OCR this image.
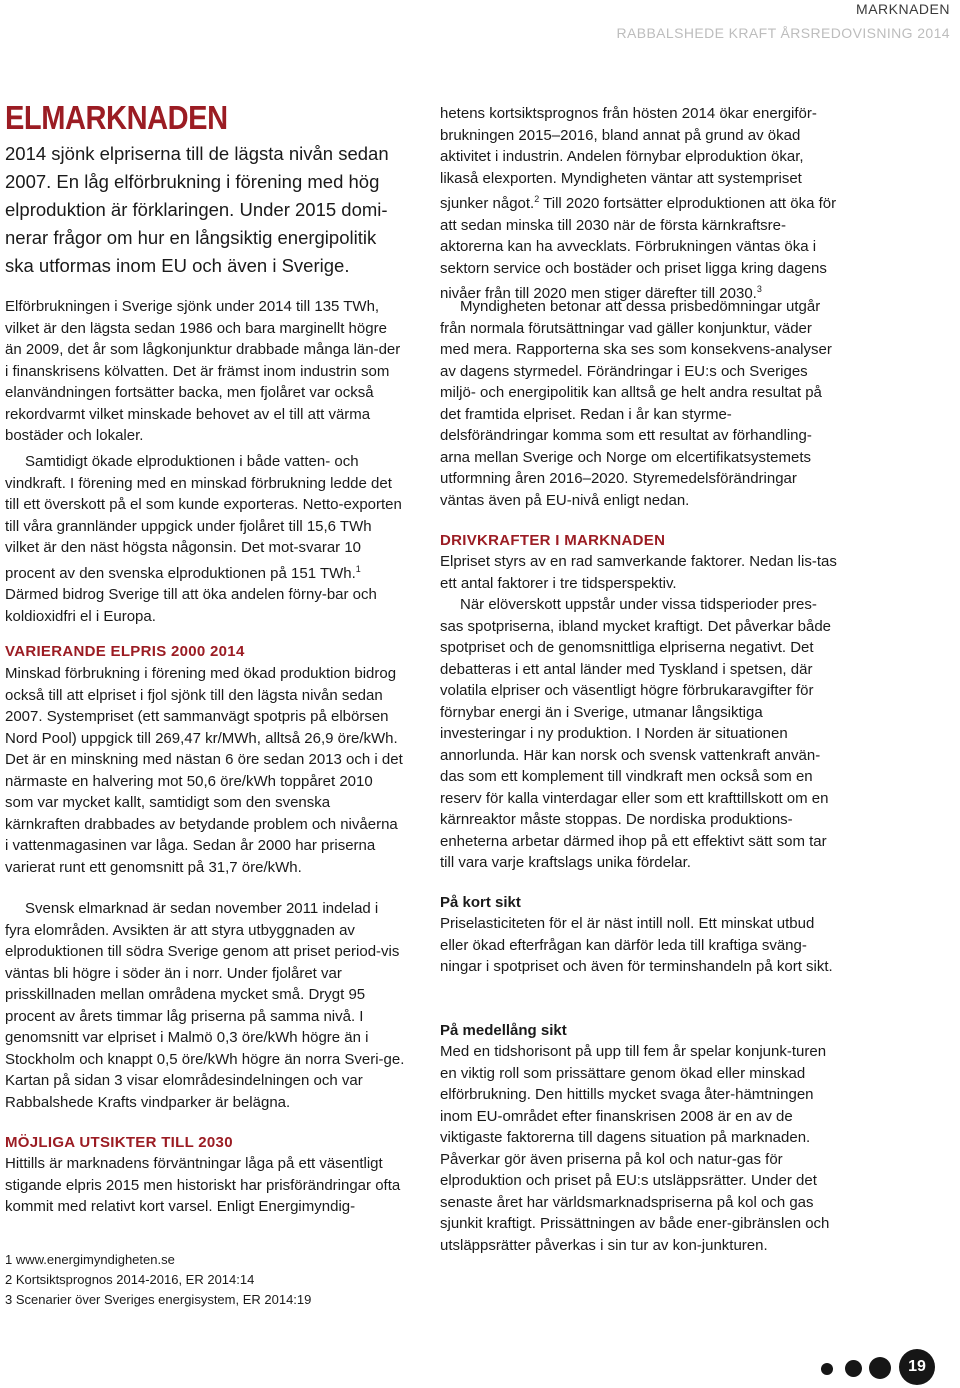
MARKNADEN
RABBALSHEDE KRAFT ÅRSREDOVISNING 2014
ELMARKNADEN

2014 sjönk elpriserna till de lägsta nivån sedan 2007. En låg elförbrukning i förening med hög elproduktion är förklaringen. Under 2015 domi-nerar frågor om hur en långsiktig energipolitik ska utformas inom EU och även i Sverige.

Elförbrukningen i Sverige sjönk under 2014 till 135 TWh, vilket är den lägsta sedan 1986 och bara marginellt högre än 2009, det år som lågkonjunktur drabbade många län-der i finanskrisens kölvatten. Det är främst inom industrin som elanvändningen fortsätter backa, men fjolåret var också rekordvarmt vilket minskade behovet av el till att värma bostäder och lokaler.

Samtidigt ökade elproduktionen i både vatten- och vindkraft. I förening med en minskad förbrukning ledde det till ett överskott på el som kunde exporteras. Netto-exporten till våra grannländer uppgick under fjolåret till 15,6 TWh vilket är den näst högsta någonsin. Det mot-svarar 10 procent av den svenska elproduktionen på 151 TWh.$^1$ Därmed bidrog Sverige till att öka andelen förny-bar och koldioxidfri el i Europa.

VARIERANDE ELPRIS 2000 2014

Minskad förbrukning i förening med ökad produktion bidrog också till att elpriset i fjol sjönk till den lägsta nivån sedan 2007. Systempriset (ett sammanvägt spotpris på elbörsen Nord Pool) uppgick till 269,47 kr/MWh, alltså 26,9 öre/kWh. Det är en minskning med nästan 6 öre sedan 2013 och i det närmaste en halvering mot 50,6 öre/kWh toppåret 2010 som var mycket kallt, samtidigt som den svenska kärnkraften drabbades av betydande problem och nivåerna i vattenmagasinen var låga. Sedan år 2000 har priserna varierat runt ett genomsnitt på 31,7 öre/kWh.

Svensk elmarknad är sedan november 2011 indelad i fyra elområden. Avsikten är att styra utbyggnaden av elproduktionen till södra Sverige genom att priset period-vis väntas bli högre i söder än i norr. Under fjolåret var prisskillnaden mellan områdena mycket små. Drygt 95 procent av årets timmar låg priserna på samma nivå. I genomsnitt var elpriset i Malmö 0,3 öre/kWh högre än i Stockholm och knappt 0,5 öre/kWh högre än norra Sveri-ge. Kartan på sidan 3 visar elområdesindelningen och var Rabbalshede Krafts vindparker är belägna.

MÖJLIGA UTSIKTER TILL 2030

Hittills är marknadens förväntningar låga på ett väsentligt stigande elpris 2015 men historiskt har prisförändringar ofta kommit med relativt kort varsel. Enligt Energimyndig-

1 www.energimyndigheten.se

2 Kortsiktsprognos 2014-2016, ER 2014:14

3 Scenarier över Sveriges energisystem, ER 2014:19

hetens kortsiktsprognos från hösten 2014 ökar energiför-brukningen 2015–2016, bland annat på grund av ökad aktivitet i industrin. Andelen förnybar elproduktion ökar, likaså elexporten. Myndigheten väntar att systempriset sjunker något.$^2$ Till 2020 fortsätter elproduktionen att öka för att sedan minska till 2030 när de första kärnkraftsre-aktorerna kan ha avvecklats. Förbrukningen väntas öka i sektorn service och bostäder och priset ligga kring dagens nivåer från till 2020 men stiger därefter till 2030.$^3$

Myndigheten betonar att dessa prisbedömningar utgår från normala förutsättningar vad gäller konjunktur, väder med mera. Rapporterna ska ses som konsekvens-analyser av dagens styrmedel. Förändringar i EU:s och Sveriges miljö- och energipolitik kan alltså ge helt andra resultat på det framtida elpriset. Redan i år kan styrme-delsförändringar komma som ett resultat av förhandling-arna mellan Sverige och Norge om elcertifikatsystemets utformning åren 2016–2020. Styremedelsförändringar väntas även på EU-nivå enligt nedan.

DRIVKRAFTER I MARKNADEN

Elpriset styrs av en rad samverkande faktorer. Nedan lis-tas ett antal faktorer i tre tidsperspektiv.

När elöverskott uppstår under vissa tidsperioder pres-sas spotpriserna, ibland mycket kraftigt. Det påverkar både spotpriset och de genomsnittliga elpriserna negativt. Det debatteras i ett antal länder med Tyskland i spetsen, där volatila elpriser och väsentligt högre förbrukaravgifter för förnybar energi än i Sverige, utmanar långsiktiga investeringar i ny produktion. I Norden är situationen annorlunda. Här kan norsk och svensk vattenkraft använ-das som ett komplement till vindkraft men också som en reserv för kalla vinterdagar eller som ett krafttillskott om en kärnreaktor måste stoppas. De nordiska produktions-enheterna arbetar därmed ihop på ett effektivt sätt som tar till vara varje kraftslags unika fördelar.

På kort sikt

Priselasticiteten för el är näst intill noll. Ett minskat utbud eller ökad efterfrågan kan därför leda till kraftiga sväng-ningar i spotpriset och även för terminshandeln på kort sikt.

På medellång sikt

Med en tidshorisont på upp till fem år spelar konjunk-turen en viktig roll som prissättare genom ökad eller minskad elförbrukning. Den hittills mycket svaga åter-hämtningen inom EU-området efter finanskrisen 2008 är en av de viktigaste faktorerna till dagens situation på marknaden. Påverkar gör även priserna på kol och natur-gas för elproduktion och priset på EU:s utsläppsrätter. Under det senaste året har världsmarknadspriserna på kol och gas sjunkit kraftigt. Prissättningen av både ener-gibränslen och utsläppsrätter påverkas i sin tur av kon-junkturen.

19
